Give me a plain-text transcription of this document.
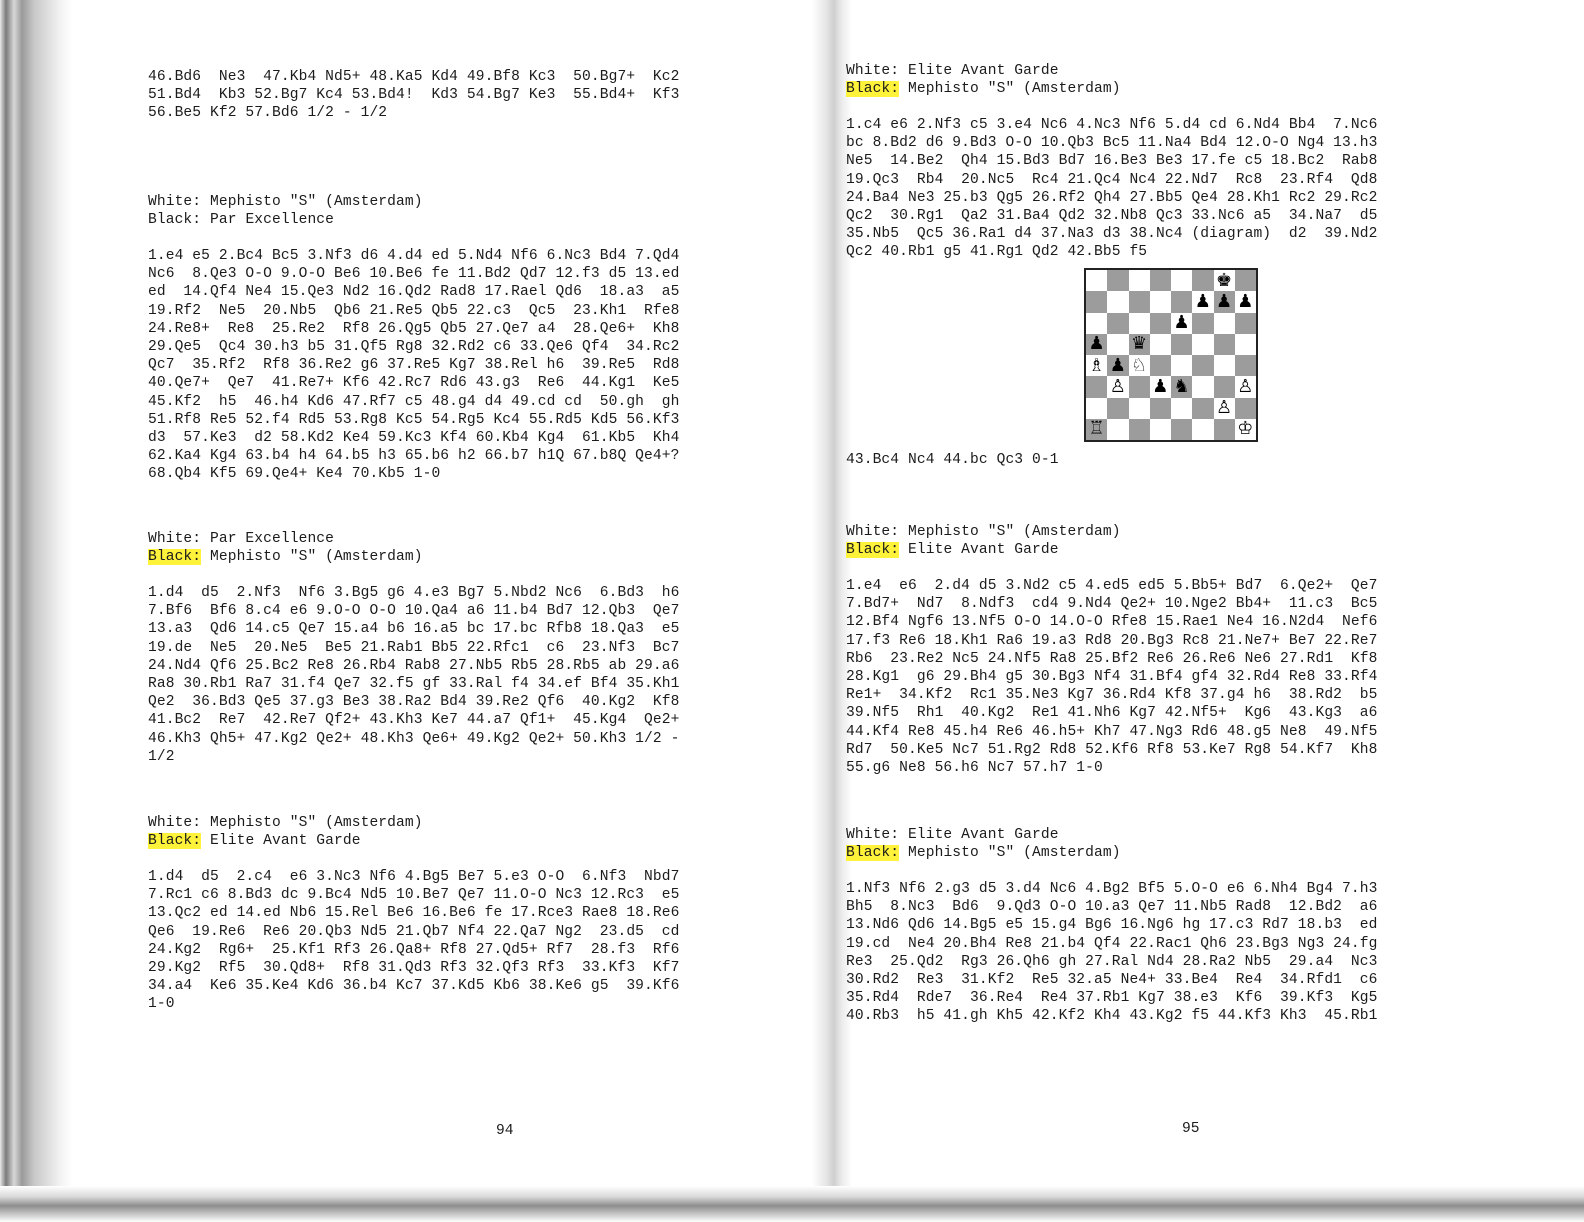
46.Bd6  Ne3  47.Kb4 Nd5+ 48.Ka5 Kd4 49.Bf8 Kc3  50.Bg7+  Kc2
51.Bd4  Kb3 52.Bg7 Kc4 53.Bd4!  Kd3 54.Bg7 Ke3  55.Bd4+  Kf3
56.Be5 Kf2 57.Bd6 1/2 - 1/2
White: Mephisto "S" (Amsterdam)
Black: Par Excellence
1.e4 e5 2.Bc4 Bc5 3.Nf3 d6 4.d4 ed 5.Nd4 Nf6 6.Nc3 Bd4 7.Qd4
Nc6  8.Qe3 O-O 9.O-O Be6 10.Be6 fe 11.Bd2 Qd7 12.f3 d5 13.ed
ed  14.Qf4 Ne4 15.Qe3 Nd2 16.Qd2 Rad8 17.Rael Qd6  18.a3  a5
19.Rf2  Ne5  20.Nb5  Qb6 21.Re5 Qb5 22.c3  Qc5  23.Kh1  Rfe8
24.Re8+  Re8  25.Re2  Rf8 26.Qg5 Qb5 27.Qe7 a4  28.Qe6+  Kh8
29.Qe5  Qc4 30.h3 b5 31.Qf5 Rg8 32.Rd2 c6 33.Qe6 Qf4  34.Rc2
Qc7  35.Rf2  Rf8 36.Re2 g6 37.Re5 Kg7 38.Rel h6  39.Re5  Rd8
40.Qe7+  Qe7  41.Re7+ Kf6 42.Rc7 Rd6 43.g3  Re6  44.Kg1  Ke5
45.Kf2  h5  46.h4 Kd6 47.Rf7 c5 48.g4 d4 49.cd cd  50.gh  gh
51.Rf8 Re5 52.f4 Rd5 53.Rg8 Kc5 54.Rg5 Kc4 55.Rd5 Kd5 56.Kf3
d3  57.Ke3  d2 58.Kd2 Ke4 59.Kc3 Kf4 60.Kb4 Kg4  61.Kb5  Kh4
62.Ka4 Kg4 63.b4 h4 64.b5 h3 65.b6 h2 66.b7 h1Q 67.b8Q Qe4+?
68.Qb4 Kf5 69.Qe4+ Ke4 70.Kb5 1-0
White: Par Excellence
Black: Mephisto "S" (Amsterdam)
1.d4  d5  2.Nf3  Nf6 3.Bg5 g6 4.e3 Bg7 5.Nbd2 Nc6  6.Bd3  h6
7.Bf6  Bf6 8.c4 e6 9.O-O O-O 10.Qa4 a6 11.b4 Bd7 12.Qb3  Qe7
13.a3  Qd6 14.c5 Qe7 15.a4 b6 16.a5 bc 17.bc Rfb8 18.Qa3  e5
19.de  Ne5  20.Ne5  Be5 21.Rab1 Bb5 22.Rfc1  c6  23.Nf3  Bc7
24.Nd4 Qf6 25.Bc2 Re8 26.Rb4 Rab8 27.Nb5 Rb5 28.Rb5 ab 29.a6
Ra8 30.Rb1 Ra7 31.f4 Qe7 32.f5 gf 33.Ral f4 34.ef Bf4 35.Kh1
Qe2  36.Bd3 Qe5 37.g3 Be3 38.Ra2 Bd4 39.Re2 Qf6  40.Kg2  Kf8
41.Bc2  Re7  42.Re7 Qf2+ 43.Kh3 Ke7 44.a7 Qf1+  45.Kg4  Qe2+
46.Kh3 Qh5+ 47.Kg2 Qe2+ 48.Kh3 Qe6+ 49.Kg2 Qe2+ 50.Kh3 1/2 -
1/2
White: Mephisto "S" (Amsterdam)
Black: Elite Avant Garde
1.d4  d5  2.c4  e6 3.Nc3 Nf6 4.Bg5 Be7 5.e3 O-O  6.Nf3  Nbd7
7.Rc1 c6 8.Bd3 dc 9.Bc4 Nd5 10.Be7 Qe7 11.O-O Nc3 12.Rc3  e5
13.Qc2 ed 14.ed Nb6 15.Rel Be6 16.Be6 fe 17.Rce3 Rae8 18.Re6
Qe6  19.Re6  Re6 20.Qb3 Nd5 21.Qb7 Nf4 22.Qa7 Ng2  23.d5  cd
24.Kg2  Rg6+  25.Kf1 Rf3 26.Qa8+ Rf8 27.Qd5+ Rf7  28.f3  Rf6
29.Kg2  Rf5  30.Qd8+  Rf8 31.Qd3 Rf3 32.Qf3 Rf3  33.Kf3  Kf7
34.a4  Ke6 35.Ke4 Kd6 36.b4 Kc7 37.Kd5 Kb6 38.Ke6 g5  39.Kf6
1-0
94
White: Elite Avant Garde
Black: Mephisto "S" (Amsterdam)
1.c4 e6 2.Nf3 c5 3.e4 Nc6 4.Nc3 Nf6 5.d4 cd 6.Nd4 Bb4  7.Nc6
bc 8.Bd2 d6 9.Bd3 O-O 10.Qb3 Bc5 11.Na4 Bd4 12.O-O Ng4 13.h3
Ne5  14.Be2  Qh4 15.Bd3 Bd7 16.Be3 Be3 17.fe c5 18.Bc2  Rab8
19.Qc3  Rb4  20.Nc5  Rc4 21.Qc4 Nc4 22.Nd7  Rc8  23.Rf4  Qd8
24.Ba4 Ne3 25.b3 Qg5 26.Rf2 Qh4 27.Bb5 Qe4 28.Kh1 Rc2 29.Rc2
Qc2  30.Rg1  Qa2 31.Ba4 Qd2 32.Nb8 Qc3 33.Nc6 a5  34.Na7  d5
35.Nb5  Qc5 36.Ra1 d4 37.Na3 d3 38.Nc4 (diagram)  d2  39.Nd2
Qc2 40.Rb1 g5 41.Rg1 Qd2 42.Bb5 f5
♚
♟ ♟ ♟
♟
♟ ♛
♗ ♟ ♘
♙ ♟ ♞	♙
♙
♖	♔
43.Bc4 Nc4 44.bc Qc3 0-1
White: Mephisto "S" (Amsterdam)
Black: Elite Avant Garde
1.e4  e6  2.d4 d5 3.Nd2 c5 4.ed5 ed5 5.Bb5+ Bd7  6.Qe2+  Qe7
7.Bd7+  Nd7  8.Ndf3  cd4 9.Nd4 Qe2+ 10.Nge2 Bb4+  11.c3  Bc5
12.Bf4 Ngf6 13.Nf5 O-O 14.O-O Rfe8 15.Rae1 Ne4 16.N2d4  Nef6
17.f3 Re6 18.Kh1 Ra6 19.a3 Rd8 20.Bg3 Rc8 21.Ne7+ Be7 22.Re7
Rb6  23.Re2 Nc5 24.Nf5 Ra8 25.Bf2 Re6 26.Re6 Ne6 27.Rd1  Kf8
28.Kg1  g6 29.Bh4 g5 30.Bg3 Nf4 31.Bf4 gf4 32.Rd4 Re8 33.Rf4
Re1+  34.Kf2  Rc1 35.Ne3 Kg7 36.Rd4 Kf8 37.g4 h6  38.Rd2  b5
39.Nf5  Rh1  40.Kg2  Re1 41.Nh6 Kg7 42.Nf5+  Kg6  43.Kg3  a6
44.Kf4 Re8 45.h4 Re6 46.h5+ Kh7 47.Ng3 Rd6 48.g5 Ne8  49.Nf5
Rd7  50.Ke5 Nc7 51.Rg2 Rd8 52.Kf6 Rf8 53.Ke7 Rg8 54.Kf7  Kh8
55.g6 Ne8 56.h6 Nc7 57.h7 1-0
White: Elite Avant Garde
Black: Mephisto "S" (Amsterdam)
1.Nf3 Nf6 2.g3 d5 3.d4 Nc6 4.Bg2 Bf5 5.O-O e6 6.Nh4 Bg4 7.h3
Bh5  8.Nc3  Bd6  9.Qd3 O-O 10.a3 Qe7 11.Nb5 Rad8  12.Bd2  a6
13.Nd6 Qd6 14.Bg5 e5 15.g4 Bg6 16.Ng6 hg 17.c3 Rd7 18.b3  ed
19.cd  Ne4 20.Bh4 Re8 21.b4 Qf4 22.Rac1 Qh6 23.Bg3 Ng3 24.fg
Re3  25.Qd2  Rg3 26.Qh6 gh 27.Ral Nd4 28.Ra2 Nb5  29.a4  Nc3
30.Rd2  Re3  31.Kf2  Re5 32.a5 Ne4+ 33.Be4  Re4  34.Rfd1  c6
35.Rd4  Rde7  36.Re4  Re4 37.Rb1 Kg7 38.e3  Kf6  39.Kf3  Kg5
40.Rb3  h5 41.gh Kh5 42.Kf2 Kh4 43.Kg2 f5 44.Kf3 Kh3  45.Rb1
95
